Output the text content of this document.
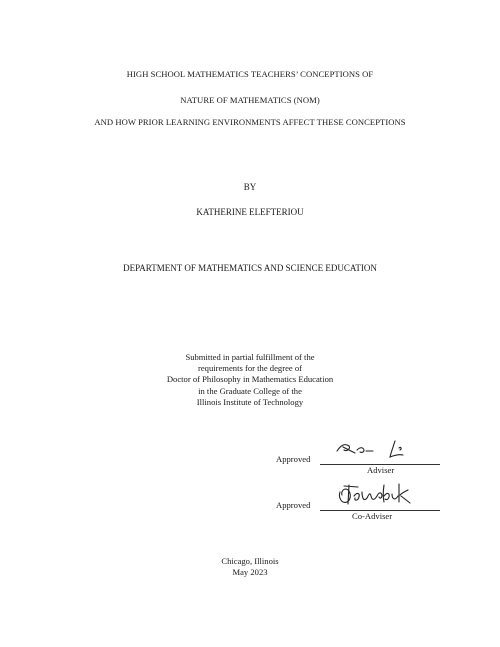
HIGH SCHOOL MATHEMATICS TEACHERS’ CONCEPTIONS OF
NATURE OF MATHEMATICS (NOM)
AND HOW PRIOR LEARNING ENVIRONMENTS AFFECT THESE CONCEPTIONS
BY
KATHERINE ELEFTERIOU
DEPARTMENT OF MATHEMATICS AND SCIENCE EDUCATION
Submitted in partial fulfillment of the
requirements for the degree of
Doctor of Philosophy in Mathematics Education
in the Graduate College of the
Illinois Institute of Technology
Approved
Adviser
Approved
Co-Adviser
Chicago, Illinois
May 2023
